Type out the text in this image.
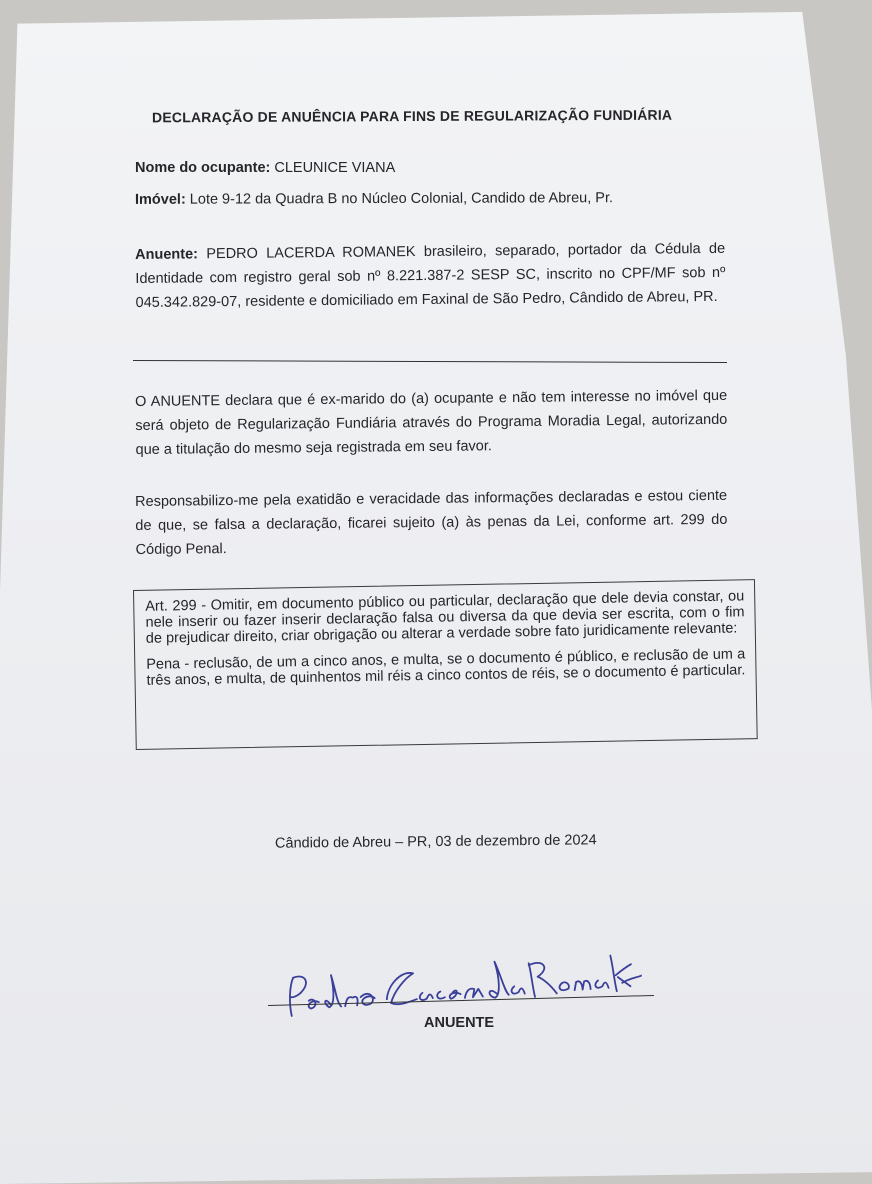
DECLARAÇÃO DE ANUÊNCIA PARA FINS DE REGULARIZAÇÃO FUNDIÁRIA
Nome do ocupante: CLEUNICE VIANA
Imóvel: Lote 9-12 da Quadra B no Núcleo Colonial, Candido de Abreu, Pr.
Anuente: PEDRO LACERDA ROMANEK brasileiro, separado, portador da Cédula de Identidade com registro geral sob nº 8.221.387-2 SESP SC, inscrito no CPF/MF sob nº 045.342.829-07, residente e domiciliado em Faxinal de São Pedro, Cândido de Abreu, PR.
O ANUENTE declara que é ex-marido do (a) ocupante e não tem interesse no imóvel que será objeto de Regularização Fundiária através do Programa Moradia Legal, autorizando que a titulação do mesmo seja registrada em seu favor.
Responsabilizo-me pela exatidão e veracidade das informações declaradas e estou ciente de que, se falsa a declaração, ficarei sujeito (a) às penas da Lei, conforme art. 299 do Código Penal.

Art. 299 - Omitir, em documento público ou particular, declaração que dele devia constar, ou nele inserir ou fazer inserir declaração falsa ou diversa da que devia ser escrita, com o fim de prejudicar direito, criar obrigação ou alterar a verdade sobre fato juridicamente relevante:

Pena - reclusão, de um a cinco anos, e multa, se o documento é público, e reclusão de um a três anos, e multa, de quinhentos mil réis a cinco contos de réis, se o documento é particular.

Cândido de Abreu – PR, 03 de dezembro de 2024
ANUENTE
